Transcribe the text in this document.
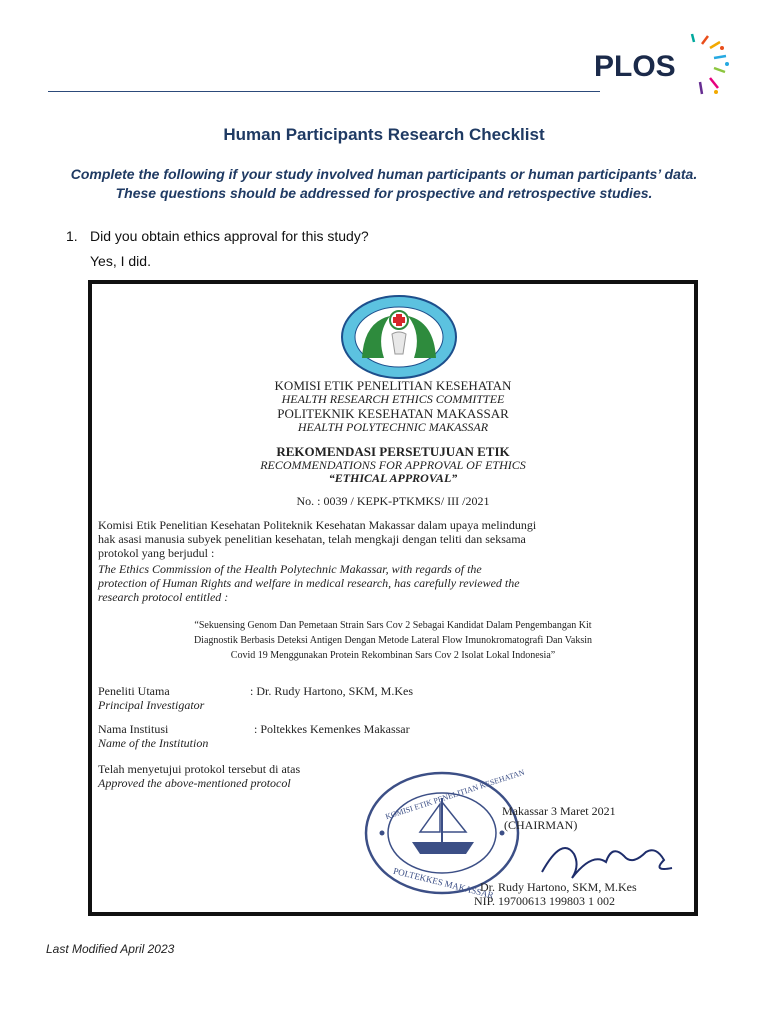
PLOS
Human Participants Research Checklist
Complete the following if your study involved human participants or human participants’ data.
These questions should be addressed for prospective and retrospective studies.
1. Did you obtain ethics approval for this study?
Yes, I did.
KOMISI ETIK PENELITIAN KESEHATAN
HEALTH RESEARCH ETHICS COMMITTEE
POLITEKNIK KESEHATAN MAKASSAR
HEALTH POLYTECHNIC MAKASSAR
REKOMENDASI PERSETUJUAN ETIK
RECOMMENDATIONS FOR APPROVAL OF ETHICS
“ETHICAL APPROVAL”
No. : 0039 / KEPK-PTKMKS/ III /2021
Komisi Etik Penelitian Kesehatan Politeknik Kesehatan Makassar dalam upaya melindungi
hak asasi manusia subyek penelitian kesehatan, telah mengkaji dengan teliti dan seksama
protokol yang berjudul :
The Ethics Commission of the Health Polytechnic Makassar, with regards of the
protection of Human Rights and welfare in medical research, has carefully reviewed the
research protocol entitled :
“Sekuensing Genom Dan Pemetaan Strain Sars Cov 2 Sebagai Kandidat Dalam Pengembangan Kit
Diagnostik Berbasis Deteksi Antigen Dengan Metode Lateral Flow Imunokromatografi Dan Vaksin
Covid 19 Menggunakan Protein Rekombinan Sars Cov 2 Isolat Lokal Indonesia”
Peneliti Utama	: Dr. Rudy Hartono, SKM, M.Kes
Principal Investigator
Nama Institusi	: Poltekkes Kemenkes Makassar
Name of the Institution
Telah menyetujui protokol tersebut di atas
Approved the above-mentioned protocol	KOMISI ETIK PENELITIAN KESEHATAN
POLTEKKES MAKASSAR
Makassar 3 Maret 2021
(CHAIRMAN)
Dr. Rudy Hartono, SKM, M.Kes
NIP. 19700613 199803 1 002
Last Modified April 2023
